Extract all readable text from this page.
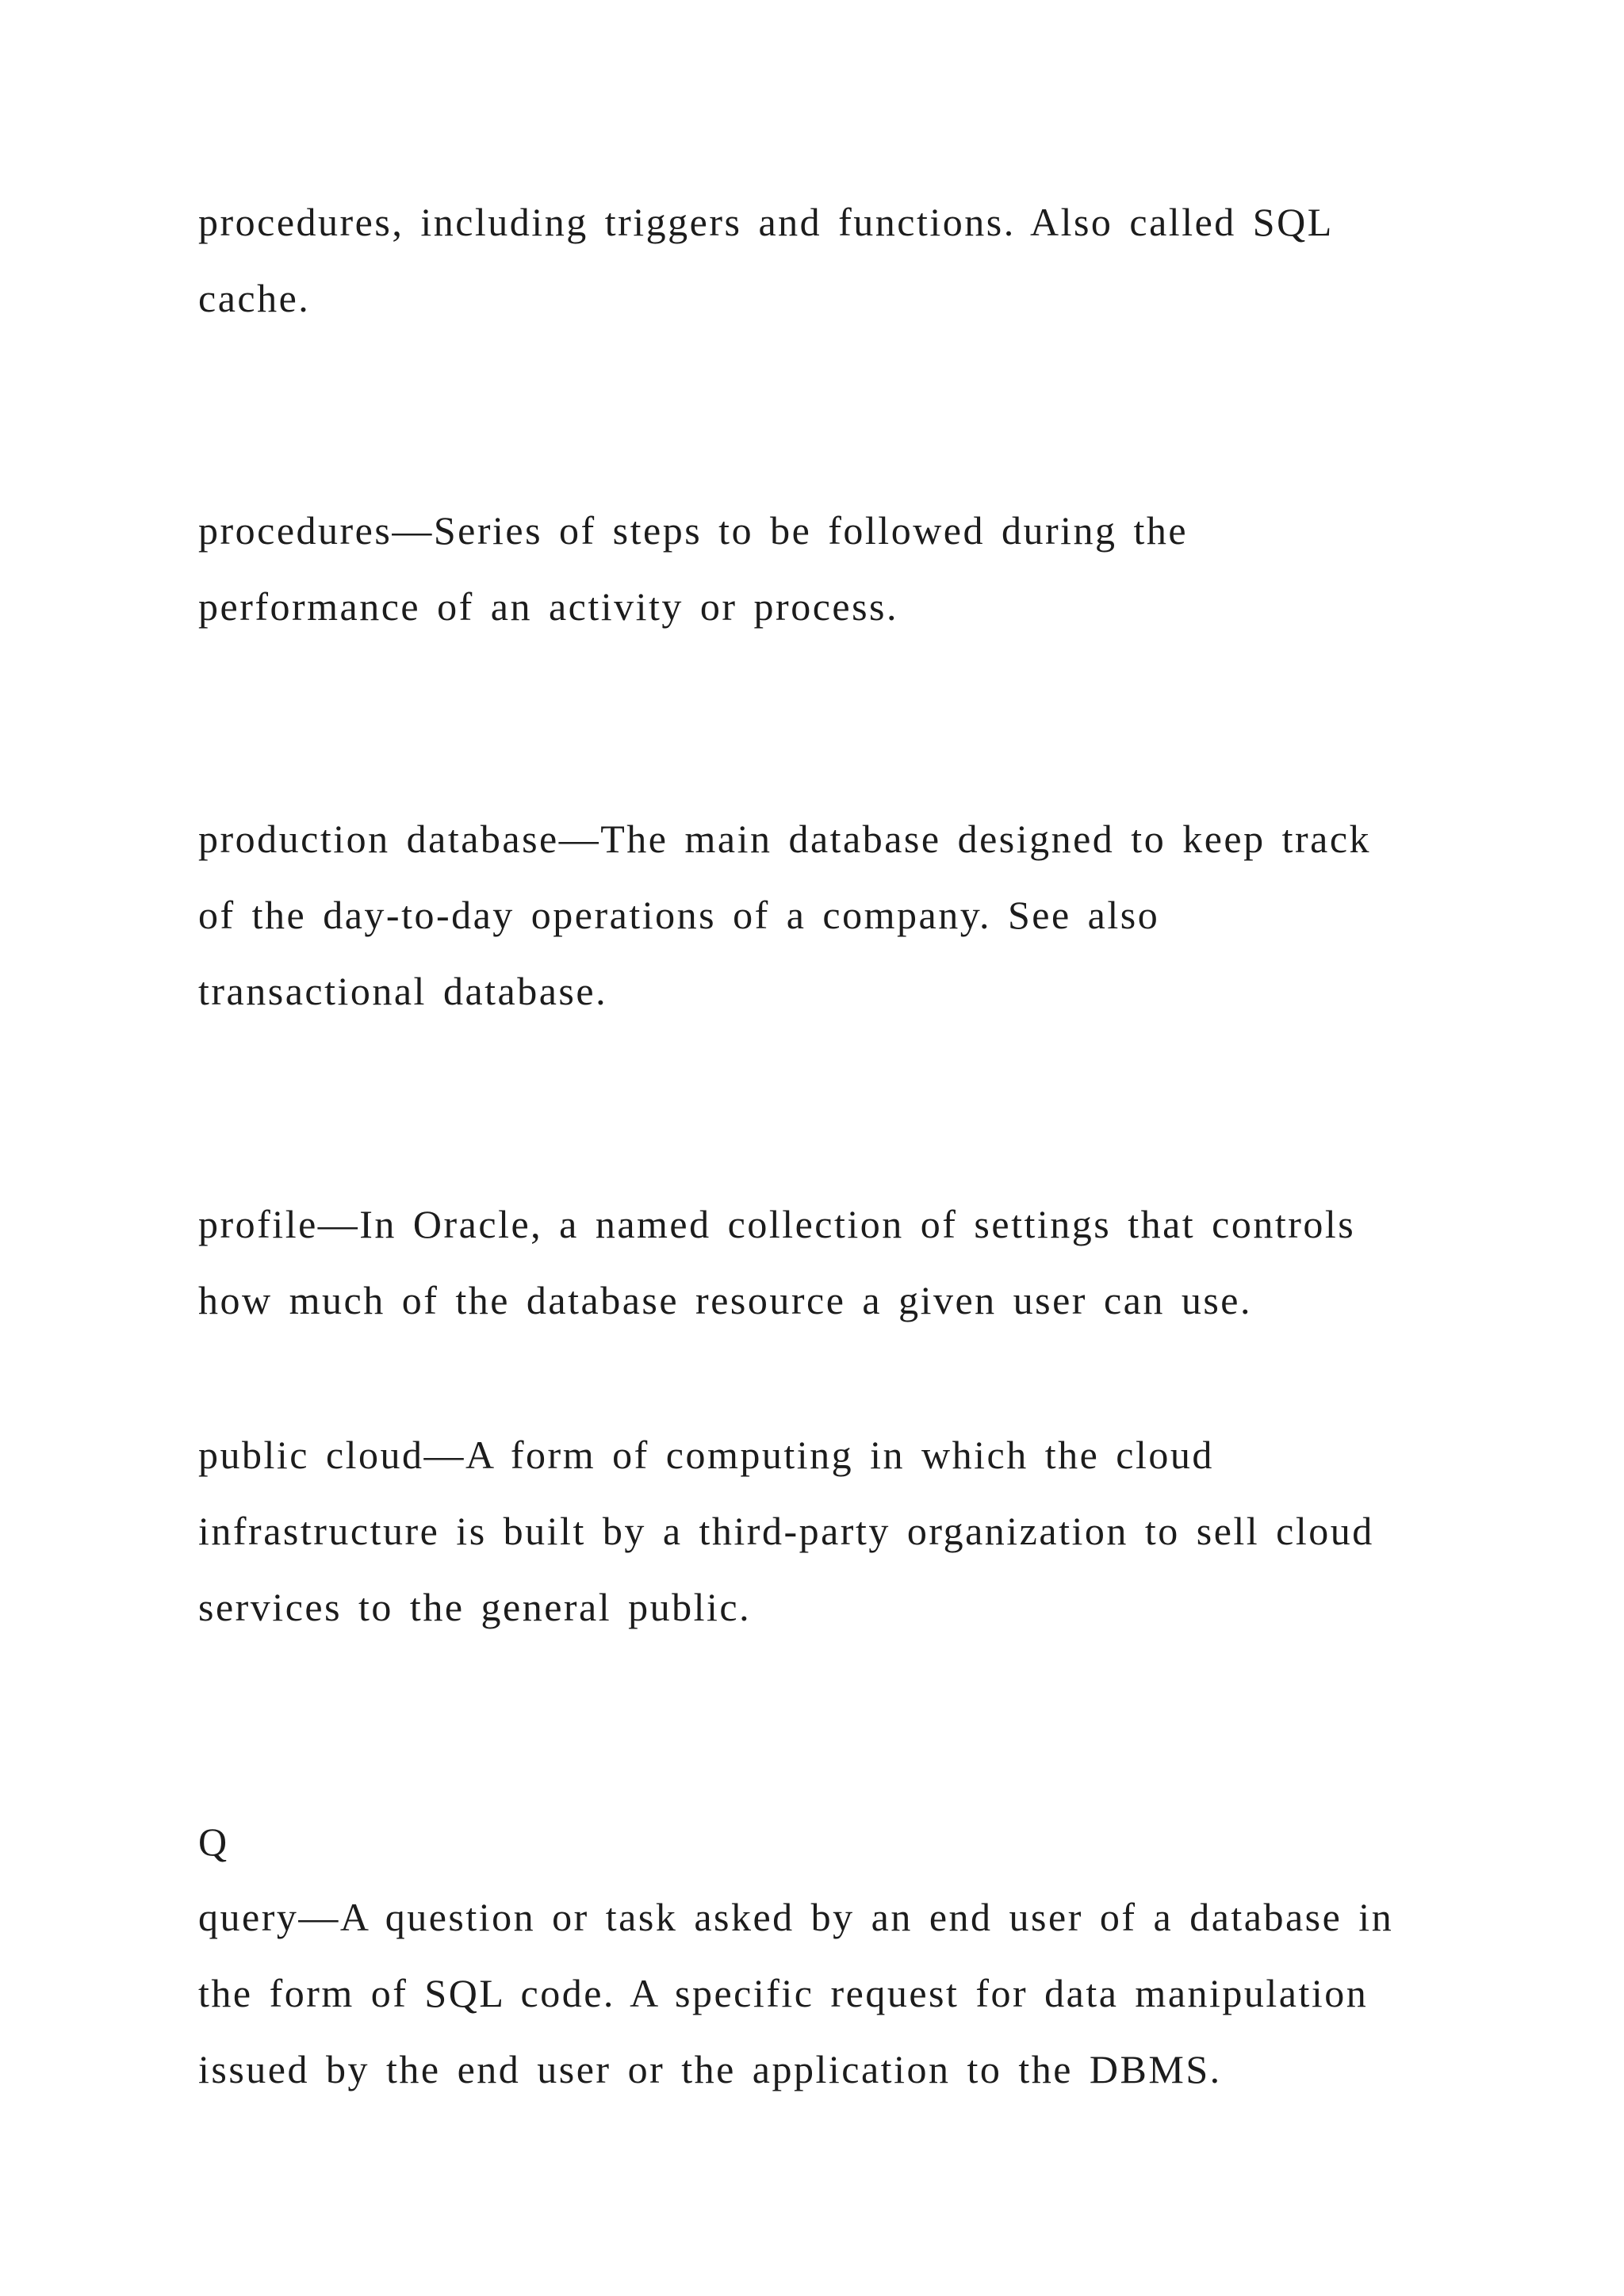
procedures, including triggers and functions. Also called SQL
cache.
procedures—Series of steps to be followed during the
performance of an activity or process.
production database—The main database designed to keep track
of the day-to-day operations of a company. See also
transactional database.
profile—In Oracle, a named collection of settings that controls
how much of the database resource a given user can use.
public cloud—A form of computing in which the cloud
infrastructure is built by a third-party organization to sell cloud
services to the general public.
Q
query—A question or task asked by an end user of a database in
the form of SQL code. A specific request for data manipulation
issued by the end user or the application to the DBMS.
